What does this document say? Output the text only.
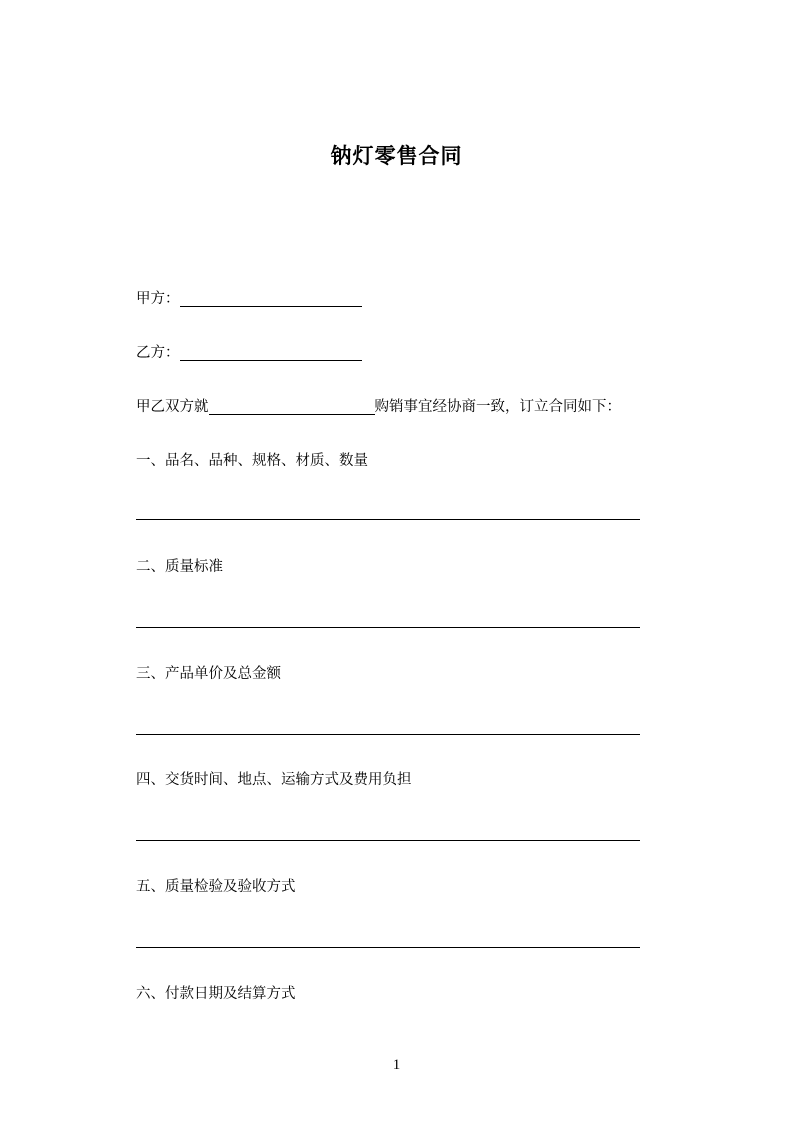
钠灯零售合同
甲方：
乙方：
甲乙双方就	购销事宜经协商一致，订立合同如下：
一、品名、品种、规格、材质、数量
二、质量标准
三、产品单价及总金额
四、交货时间、地点、运输方式及费用负担
五、质量检验及验收方式
六、付款日期及结算方式
1
